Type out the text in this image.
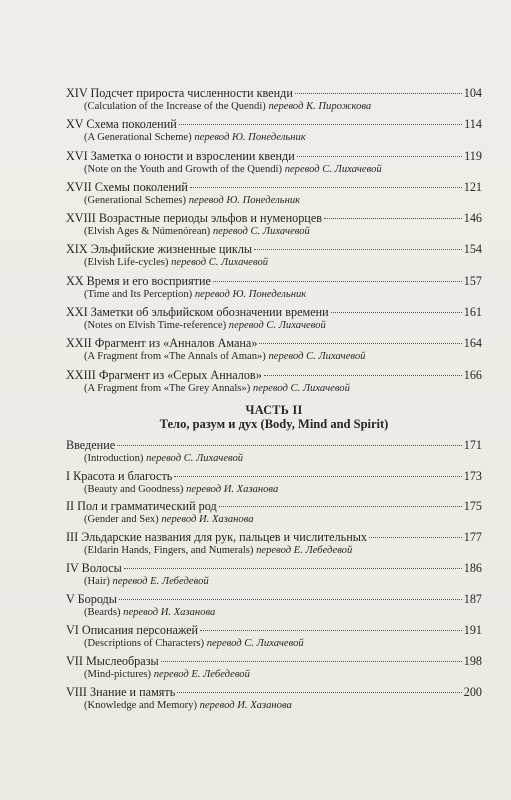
XIV Подсчет прироста численности квенди	104
(Calculation of the Increase of the Quendi) перевод К. Пирожкова
XV Схема поколений	114
(A Generational Scheme) перевод Ю. Понедельник
XVI Заметка о юности и взрослении квенди	119
(Note on the Youth and Growth of the Quendi) перевод С. Лихачевой
XVII Схемы поколений	121
(Generational Schemes) перевод Ю. Понедельник
XVIII Возрастные периоды эльфов и нуменорцев	146
(Elvish Ages & Númenórean) перевод С. Лихачевой
XIX Эльфийские жизненные циклы	154
(Elvish Life-cycles) перевод С. Лихачевой
XX Время и его восприятие	157
(Time and Its Perception) перевод Ю. Понедельник
XXI Заметки об эльфийском обозначении времени	161
(Notes on Elvish Time-reference) перевод С. Лихачевой
XXII Фрагмент из «Анналов Амана»	164
(A Fragment from «The Annals of Aman») перевод С. Лихачевой
XXIII Фрагмент из «Серых Анналов»	166
(A Fragment from «The Grey Annals») перевод С. Лихачевой
ЧАСТЬ II
Тело, разум и дух (Body, Mind and Spirit)
Введение	171
(Introduction) перевод С. Лихачевой
I Красота и благость	173
(Beauty and Goodness) перевод И. Хазанова
II Пол и грамматический род	175
(Gender and Sex) перевод И. Хазанова
III Эльдарские названия для рук, пальцев и числительных	177
(Eldarin Hands, Fingers, and Numerals) перевод Е. Лебедевой
IV Волосы	186
(Hair) перевод Е. Лебедевой
V Бороды	187
(Beards) перевод И. Хазанова
VI Описания персонажей	191
(Descriptions of Characters) перевод С. Лихачевой
VII Мыслеобразы	198
(Mind-pictures) перевод Е. Лебедевой
VIII Знание и память	200
(Knowledge and Memory) перевод И. Хазанова
